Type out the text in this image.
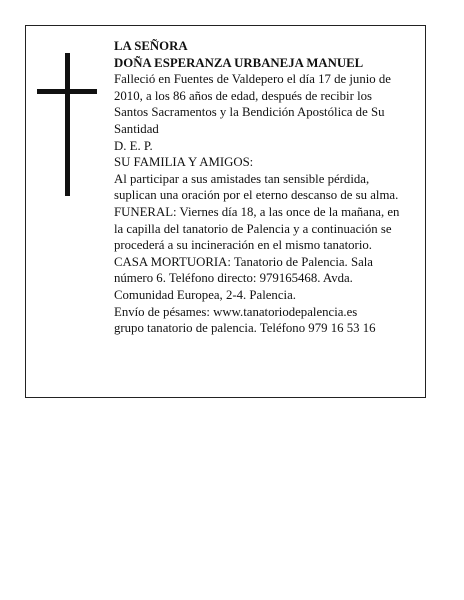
LA SEÑORA
DOÑA ESPERANZA URBANEJA MANUEL
Falleció en Fuentes de Valdepero el día 17 de junio de
2010, a los 86 años de edad, después de recibir los
Santos Sacramentos y la Bendición Apostólica de Su
Santidad
D. E. P.
SU FAMILIA Y AMIGOS:
Al participar a sus amistades tan sensible pérdida,
suplican una oración por el eterno descanso de su alma.
FUNERAL: Viernes día 18, a las once de la mañana, en
la capilla del tanatorio de Palencia y a continuación se
procederá a su incineración en el mismo tanatorio.
CASA MORTUORIA: Tanatorio de Palencia. Sala
número 6. Teléfono directo: 979165468. Avda.
Comunidad Europea, 2-4. Palencia.
Envío de pésames: www.tanatoriodepalencia.es
grupo tanatorio de palencia. Teléfono 979 16 53 16
